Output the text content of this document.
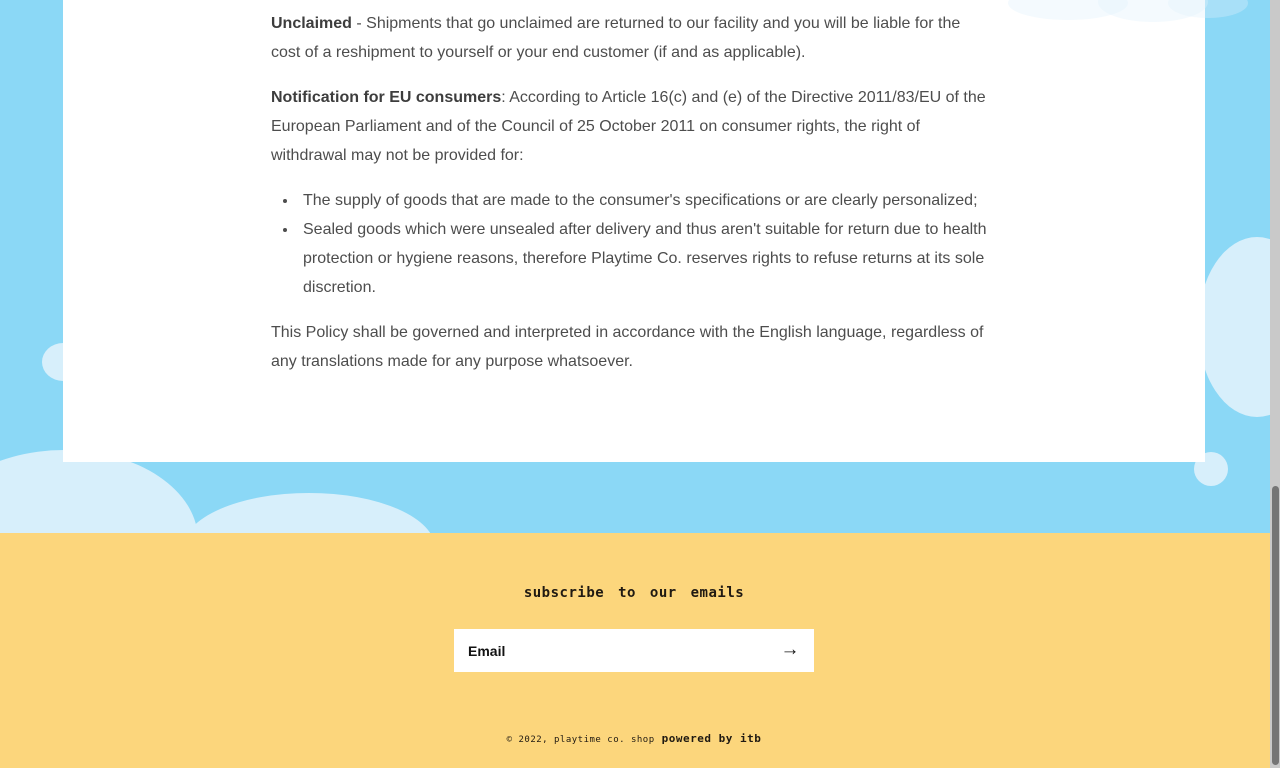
Unclaimed - Shipments that go unclaimed are returned to our facility and you will be liable for the cost of a reshipment to yourself or your end customer (if and as applicable).

Notification for EU consumers: According to Article 16(c) and (e) of the Directive 2011/83/EU of the European Parliament and of the Council of 25 October 2011 on consumer rights, the right of withdrawal may not be provided for:

• The supply of goods that are made to the consumer's specifications or are clearly personalized;
• Sealed goods which were unsealed after delivery and thus aren't suitable for return due to health protection or hygiene reasons, therefore Playtime Co. reserves rights to refuse returns at its sole discretion.

This Policy shall be governed and interpreted in accordance with the English language, regardless of any translations made for any purpose whatsoever.

subscribe to our emails
Email
→
© 2022, playtime co. shop powered by itb
